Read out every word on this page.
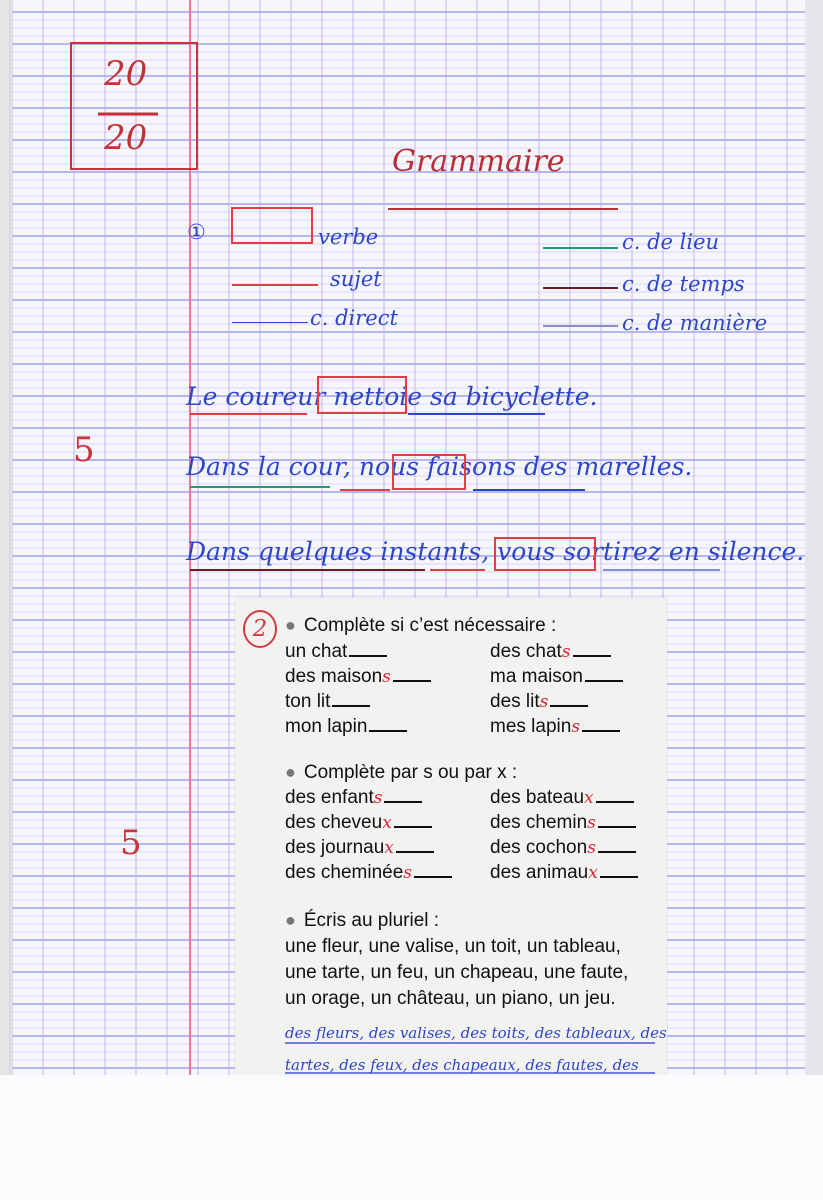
20
20
Grammaire
①	verbe
sujet
c. direct
c. de lieu
c. de temps
c. de manière
Le coureur nettoie sa bicyclette.
Dans la cour, nous faisons des marelles.
Dans quelques instants, vous sortirez en silence.
5
5
2 ● Complète si c’est nécessaire :
un chat
des maisons
ton lit
mon lapin
des chats
ma maison
des lits
mes lapins
● Complète par s ou par x :
des enfants
des cheveux
des journaux
des cheminées
des bateaux
des chemins
des cochons
des animaux
● Écris au pluriel :
une fleur, une valise, un toit, un tableau,
une tarte, un feu, un chapeau, une faute,
un orage, un château, un piano, un jeu.
des fleurs, des valises, des toits, des tableaux, des
tartes, des feux, des chapeaux, des fautes, des
